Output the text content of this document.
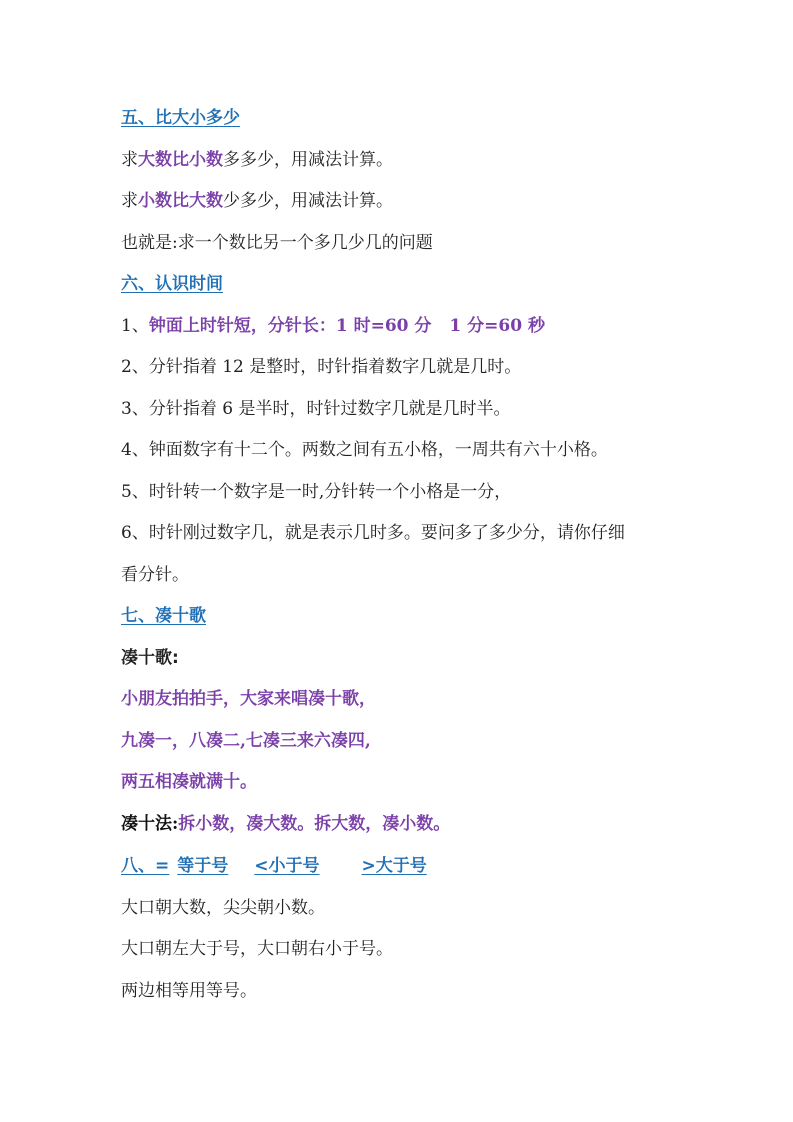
五、比大小多少
求大数比小数多多少，用减法计算。
求小数比大数少多少，用减法计算。
也就是:求一个数比另一个多几少几的问题
六、认识时间
1、钟面上时针短，分针长：1 时=60 分 1 分=60 秒
2、分针指着 12 是整时，时针指着数字几就是几时。
3、分针指着 6 是半时，时针过数字几就是几时半。
4、钟面数字有十二个。两数之间有五小格，一周共有六十小格。
5、时针转一个数字是一时,分针转一个小格是一分，
6、时针刚过数字几，就是表示几时多。要问多了多少分，请你仔细
看分针。
七、凑十歌
凑十歌:
小朋友拍拍手，大家来唱凑十歌，
九凑一，八凑二,七凑三来六凑四,
两五相凑就满十。
凑十法:拆小数，凑大数。拆大数，凑小数。
八、= 等于号 <小于号 >大于号
大口朝大数，尖尖朝小数。
大口朝左大于号，大口朝右小于号。
两边相等用等号。
